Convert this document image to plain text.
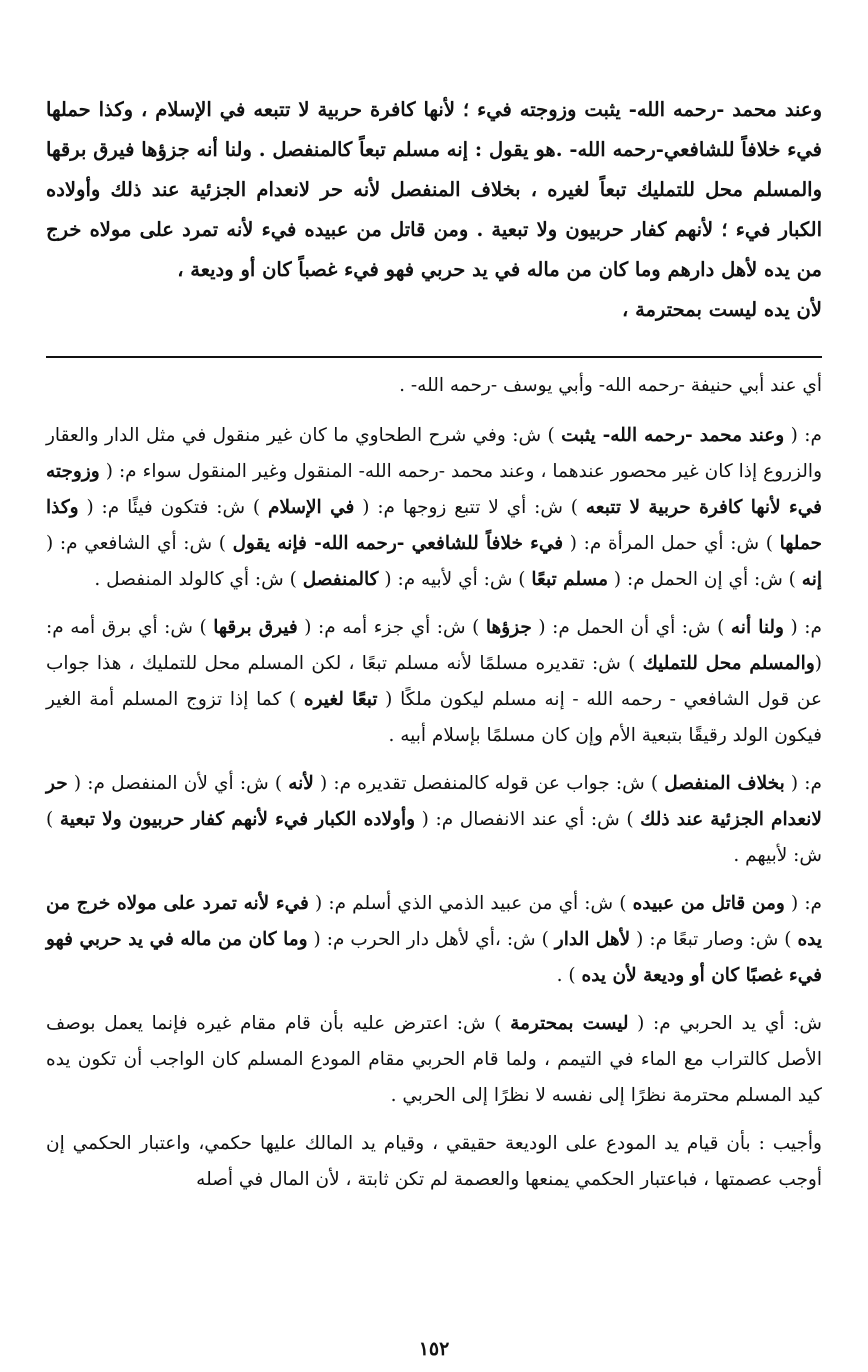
وعند محمد -رحمه الله- يثبت وزوجته فيء ؛ لأنها كافرة حربية لا تتبعه في الإسلام ، وكذا حملها فيء خلافاً للشافعي-رحمه الله- .هو يقول : إنه مسلم تبعاً كالمنفصل . ولنا أنه جزؤها فيرق برقها والمسلم محل للتمليك تبعاً لغيره ، بخلاف المنفصل لأنه حر لانعدام الجزئية عند ذلك وأولاده الكبار فيء ؛ لأنهم كفار حربيون ولا تبعية . ومن قاتل من عبيده فيء لأنه تمرد على مولاه خرج من يده لأهل دارهم وما كان من ماله في يد حربي فهو فيء غصباً كان أو وديعة ،
لأن يده ليست بمحترمة ،

أي عند أبي حنيفة -رحمه الله- وأبي يوسف -رحمه الله- .

م: ( وعند محمد -رحمه الله- يثبت ) ش: وفي شرح الطحاوي ما كان غير منقول في مثل الدار والعقار والزروع إذا كان غير محصور عندهما ، وعند محمد -رحمه الله- المنقول وغير المنقول سواء م: ( وزوجته فيء لأنها كافرة حربية لا تتبعه ) ش: أي لا تتبع زوجها م: ( في الإسلام ) ش: فتكون فيئًا م: ( وكذا حملها ) ش: أي حمل المرأة م: ( فيء خلافاً للشافعي -رحمه الله- فإنه يقول ) ش: أي الشافعي م: ( إنه ) ش: أي إن الحمل م: ( مسلم تبعًا ) ش: أي لأبيه م: ( كالمنفصل ) ش: أي كالولد المنفصل .

م: ( ولنا أنه ) ش: أي أن الحمل م: ( جزؤها ) ش: أي جزء أمه م: ( فيرق برقها ) ش: أي برق أمه م: (والمسلم محل للتمليك ) ش: تقديره مسلمًا لأنه مسلم تبعًا ، لكن المسلم محل للتمليك ، هذا جواب عن قول الشافعي - رحمه الله - إنه مسلم ليكون ملكًا ( تبعًا لغيره ) كما إذا تزوج المسلم أمة الغير فيكون الولد رقيقًا بتبعية الأم وإن كان مسلمًا بإسلام أبيه .

م: ( بخلاف المنفصل ) ش: جواب عن قوله كالمنفصل تقديره م: ( لأنه ) ش: أي لأن المنفصل م: ( حر لانعدام الجزئية عند ذلك ) ش: أي عند الانفصال م: ( وأولاده الكبار فيء لأنهم كفار حربيون ولا تبعية ) ش: لأبيهم .

م: ( ومن قاتل من عبيده ) ش: أي من عبيد الذمي الذي أسلم م: ( فيء لأنه تمرد على مولاه خرج من يده ) ش: وصار تبعًا م: ( لأهل الدار ) ش: ،أي لأهل دار الحرب م: ( وما كان من ماله في يد حربي فهو فيء غصبًا كان أو وديعة لأن يده ) .

ش: أي يد الحربي م: ( ليست بمحترمة ) ش: اعترض عليه بأن قام مقام غيره فإنما يعمل بوصف الأصل كالتراب مع الماء في التيمم ، ولما قام الحربي مقام المودع المسلم كان الواجب أن تكون يده كيد المسلم محترمة نظرًا إلى نفسه لا نظرًا إلى الحربي .

وأجيب : بأن قيام يد المودع على الوديعة حقيقي ، وقيام يد المالك عليها حكمي، واعتبار الحكمي إن أوجب عصمتها ، فباعتبار الحكمي يمنعها والعصمة لم تكن ثابتة ، لأن المال في أصله

١٥٢
